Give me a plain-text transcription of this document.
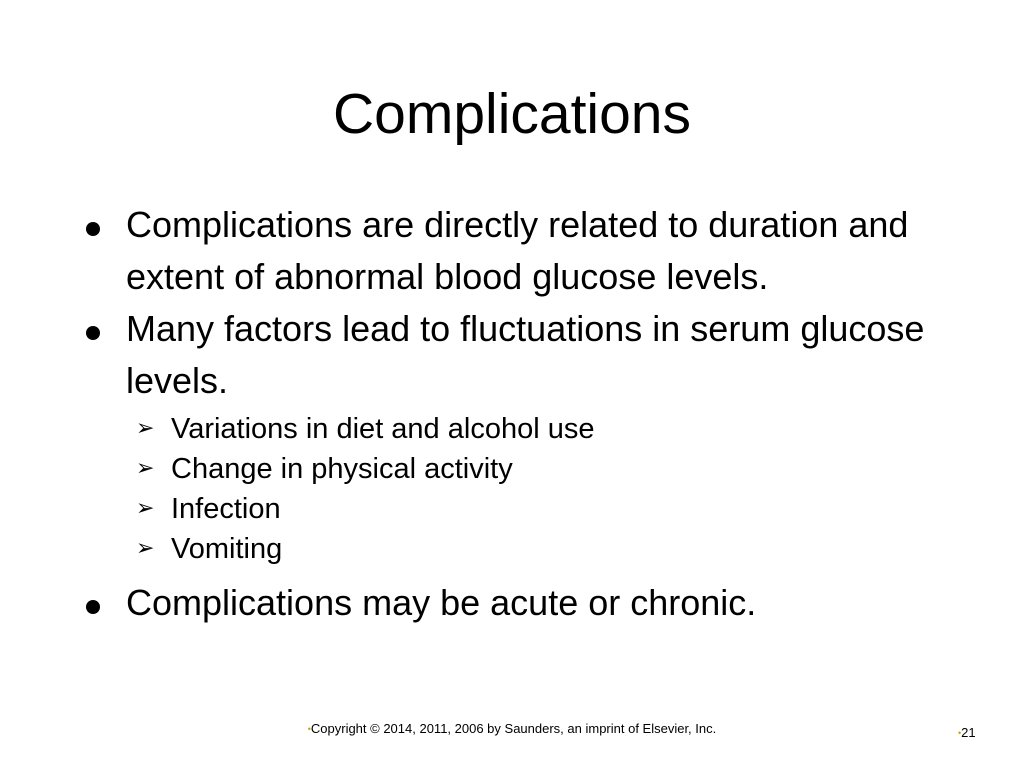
Complications
Complications are directly related to duration and extent of abnormal blood glucose levels.
Many factors lead to fluctuations in serum glucose levels.
➢ Variations in diet and alcohol use
➢ Change in physical activity
➢ Infection
➢ Vomiting
Complications may be acute or chronic.
•Copyright © 2014, 2011, 2006 by Saunders, an imprint of Elsevier, Inc.	•21
